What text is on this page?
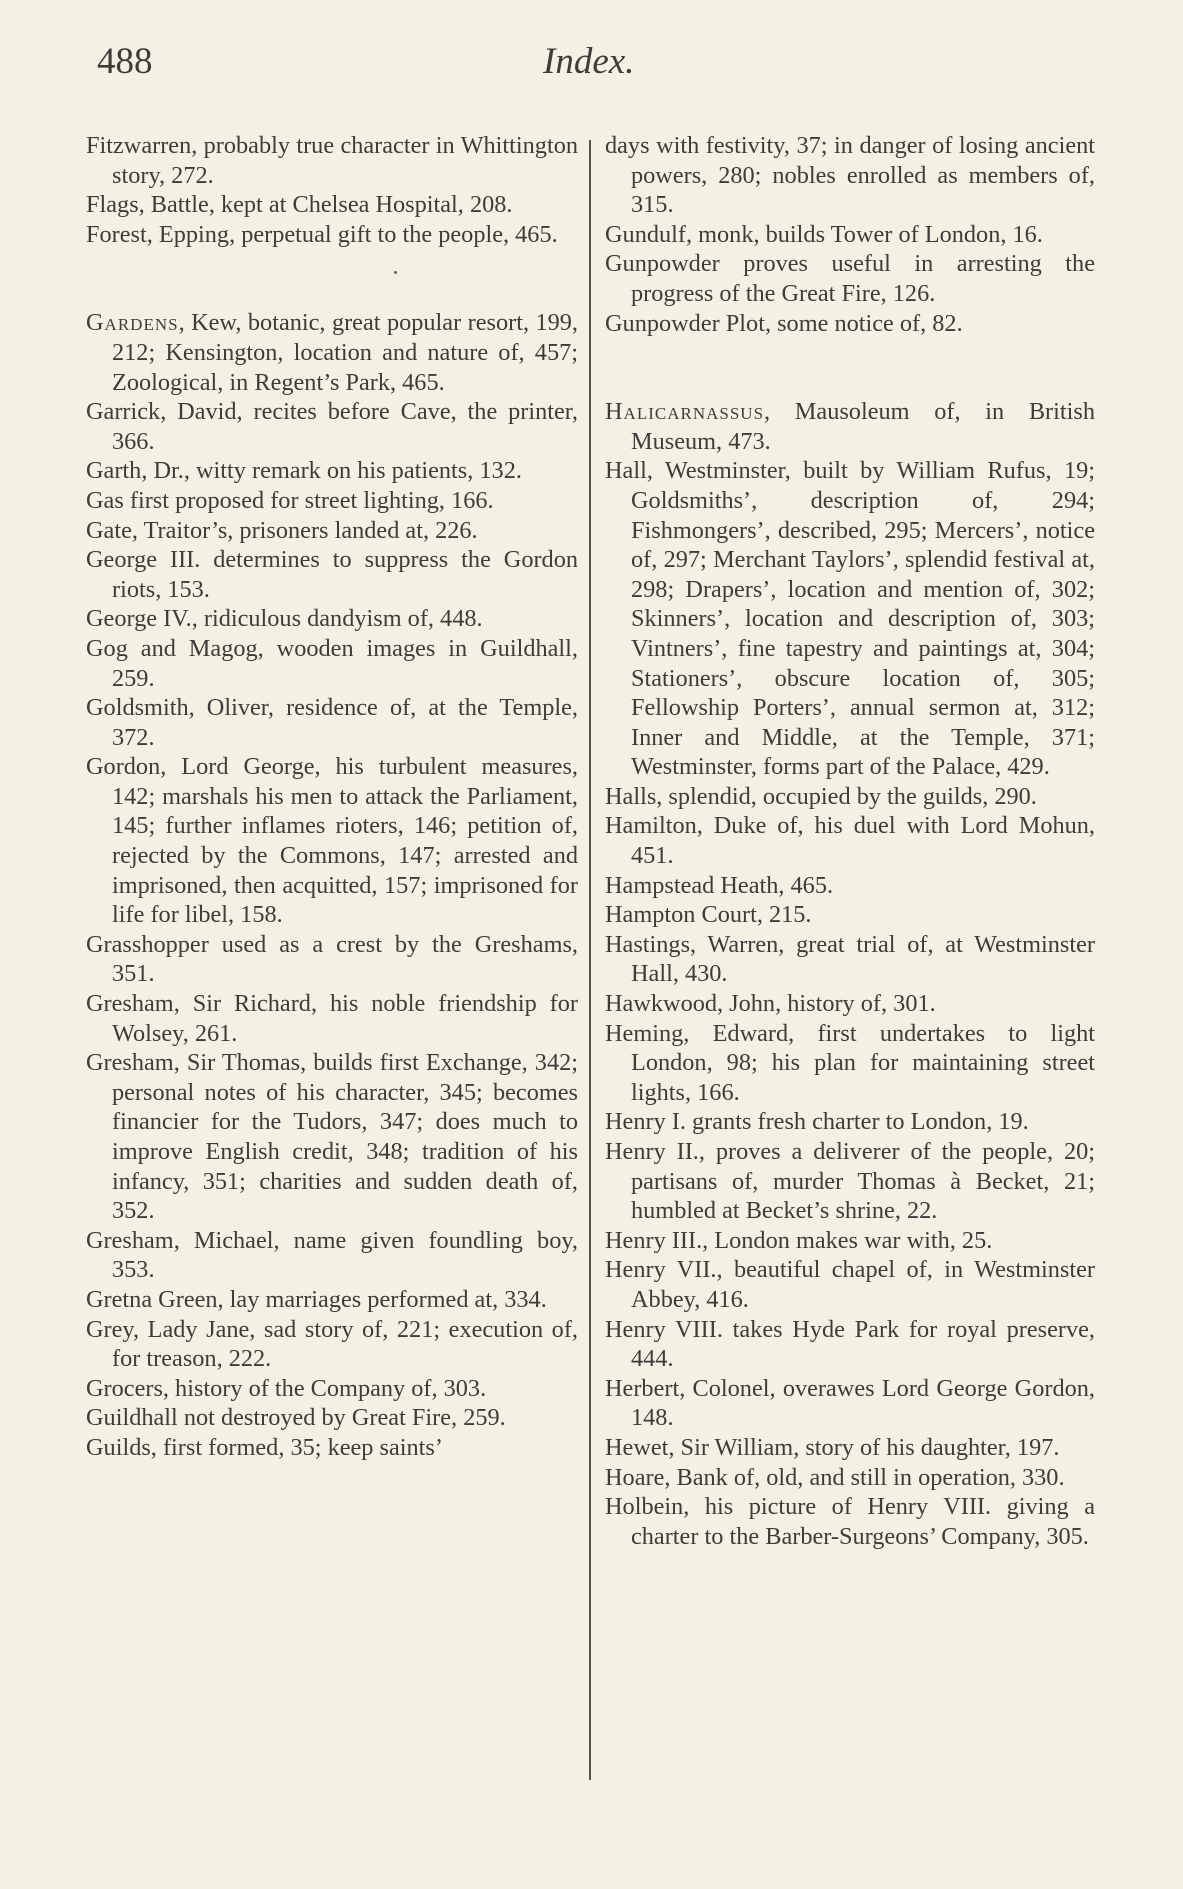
488	Index.
Fitzwarren, probably true character in Whittington story, 272.
Flags, Battle, kept at Chelsea Hospital, 208.
Forest, Epping, perpetual gift to the people, 465.
Gardens, Kew, botanic, great popular resort, 199, 212; Kensington, location and nature of, 457; Zoological, in Regent’s Park, 465.
Garrick, David, recites before Cave, the printer, 366.
Garth, Dr., witty remark on his patients, 132.
Gas first proposed for street lighting, 166.
Gate, Traitor’s, prisoners landed at, 226.
George III. determines to suppress the Gordon riots, 153.
George IV., ridiculous dandyism of, 448.
Gog and Magog, wooden images in Guildhall, 259.
Goldsmith, Oliver, residence of, at the Temple, 372.
Gordon, Lord George, his turbulent measures, 142; marshals his men to attack the Parliament, 145; further inflames rioters, 146; petition of, rejected by the Commons, 147; arrested and imprisoned, then acquitted, 157; imprisoned for life for libel, 158.
Grasshopper used as a crest by the Greshams, 351.
Gresham, Sir Richard, his noble friendship for Wolsey, 261.
Gresham, Sir Thomas, builds first Exchange, 342; personal notes of his character, 345; becomes financier for the Tudors, 347; does much to improve English credit, 348; tradition of his infancy, 351; charities and sudden death of, 352.
Gresham, Michael, name given foundling boy, 353.
Gretna Green, lay marriages performed at, 334.
Grey, Lady Jane, sad story of, 221; execution of, for treason, 222.
Grocers, history of the Company of, 303.
Guildhall not destroyed by Great Fire, 259.
Guilds, first formed, 35; keep saints’
days with festivity, 37; in danger of losing ancient powers, 280; nobles enrolled as members of, 315.
Gundulf, monk, builds Tower of London, 16.
Gunpowder proves useful in arresting the progress of the Great Fire, 126.
Gunpowder Plot, some notice of, 82.
Halicarnassus, Mausoleum of, in British Museum, 473.
Hall, Westminster, built by William Rufus, 19; Goldsmiths’, description of, 294; Fishmongers’, described, 295; Mercers’, notice of, 297; Merchant Taylors’, splendid festival at, 298; Drapers’, location and mention of, 302; Skinners’, location and description of, 303; Vintners’, fine tapestry and paintings at, 304; Stationers’, obscure location of, 305; Fellowship Porters’, annual sermon at, 312; Inner and Middle, at the Temple, 371; Westminster, forms part of the Palace, 429.
Halls, splendid, occupied by the guilds, 290.
Hamilton, Duke of, his duel with Lord Mohun, 451.
Hampstead Heath, 465.
Hampton Court, 215.
Hastings, Warren, great trial of, at Westminster Hall, 430.
Hawkwood, John, history of, 301.
Heming, Edward, first undertakes to light London, 98; his plan for maintaining street lights, 166.
Henry I. grants fresh charter to London, 19.
Henry II., proves a deliverer of the people, 20; partisans of, murder Thomas à Becket, 21; humbled at Becket’s shrine, 22.
Henry III., London makes war with, 25.
Henry VII., beautiful chapel of, in Westminster Abbey, 416.
Henry VIII. takes Hyde Park for royal preserve, 444.
Herbert, Colonel, overawes Lord George Gordon, 148.
Hewet, Sir William, story of his daughter, 197.
Hoare, Bank of, old, and still in operation, 330.
Holbein, his picture of Henry VIII. giving a charter to the Barber-Surgeons’ Company, 305.
